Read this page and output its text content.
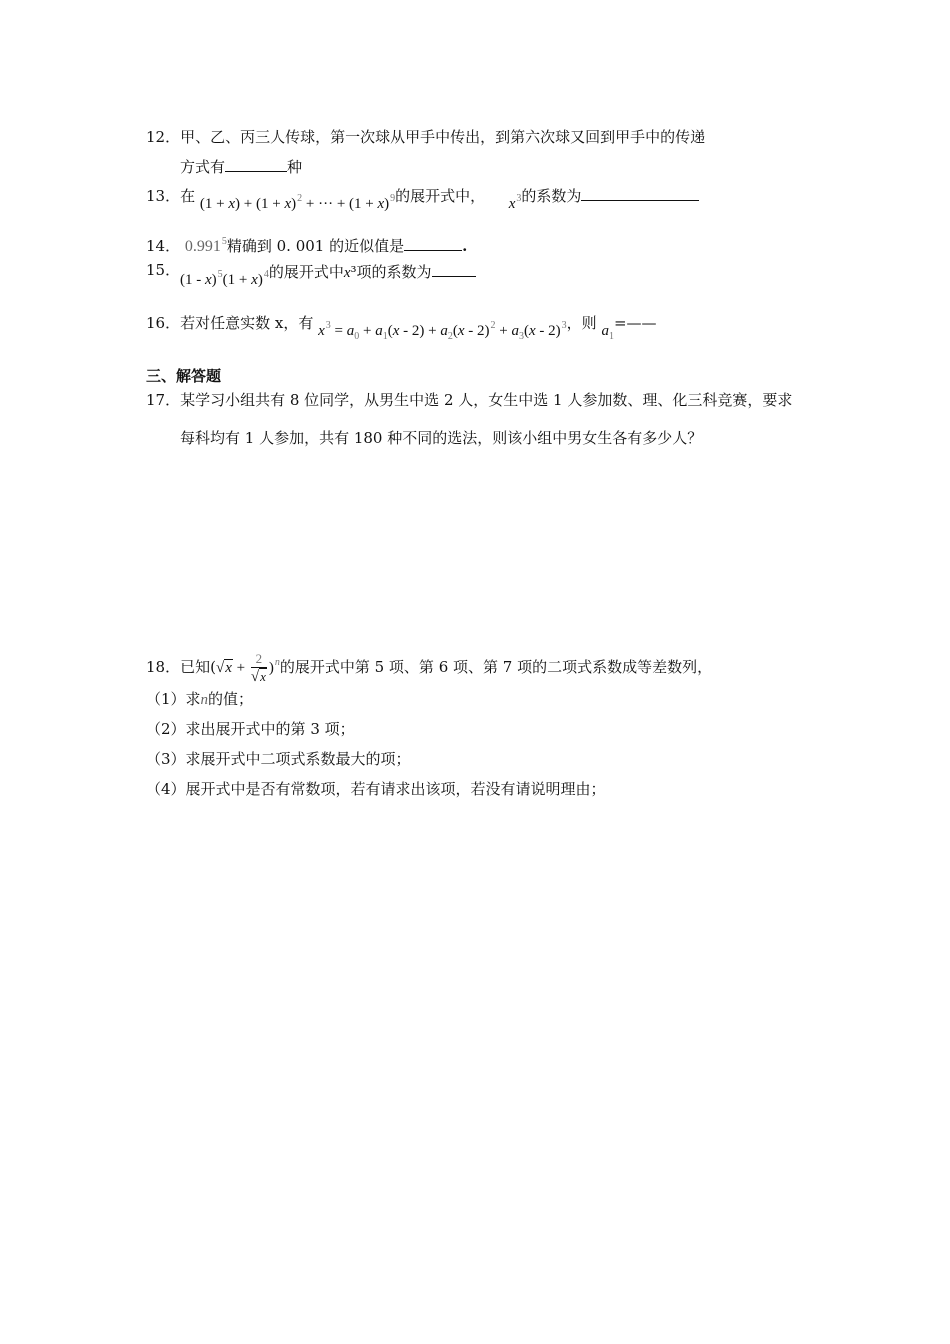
12．甲、乙、丙三人传球，第一次球从甲手中传出，到第六次球又回到甲手中的传递
方式有	种
13．在 $(1 + x) + (1 + x)^2$ + ··· + $(1 + x)^9$的展开式中， $x^3$的系数为
14． 0.991$^5$精确到 0. 001 的近似值是	.
15．
$(1 - x)^5(1 + x)^4$的展开式中x³项的系数为
16．若对任意实数 x，有 $x^3 = a_0 + a_1(x - 2) + a_2(x - 2)^2 + a_3(x - 2)^3$，则 $a_1=——$
三、解答题
17．某学习小组共有 8 位同学，从男生中选 2 人，女生中选 1 人参加数、理、化三科竞赛，要求
每科均有 1 人参加，共有 180 种不同的选法，则该小组中男女生各有多少人？
18．已知$(√x + \frac{2}{√x} )^n$的展开式中第 5 项、第 6 项、第 7 项的二项式系数成等差数列，
（1）求n的值；
（2）求出展开式中的第 3 项；
（3）求展开式中二项式系数最大的项；
（4）展开式中是否有常数项，若有请求出该项，若没有请说明理由；
